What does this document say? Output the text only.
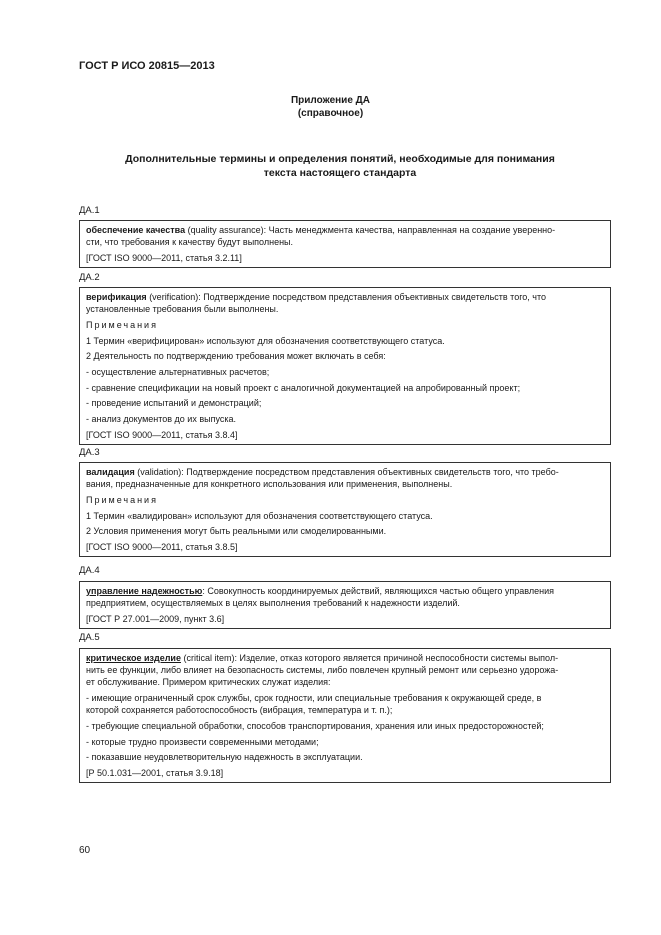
ГОСТ Р ИСО 20815—2013
Приложение ДА
(справочное)
Дополнительные термины и определения понятий, необходимые для понимания
текста настоящего стандарта
ДА.1

обеспечение качества (quality assurance): Часть менеджмента качества, направленная на создание уверенно-

сти, что требования к качеству будут выполнены.

[ГОСТ ISO 9000—2011, статья 3.2.11]

ДА.2

верификация (verification): Подтверждение посредством представления объективных свидетельств того, что

установленные требования были выполнены.

Примечания

1 Термин «верифицирован» используют для обозначения соответствующего статуса.

2 Деятельность по подтверждению требования может включать в себя:

- осуществление альтернативных расчетов;

- сравнение спецификации на новый проект с аналогичной документацией на апробированный проект;

- проведение испытаний и демонстраций;

- анализ документов до их выпуска.

[ГОСТ ISO 9000—2011, статья 3.8.4]

ДА.3

валидация (validation): Подтверждение посредством представления объективных свидетельств того, что требо-

вания, предназначенные для конкретного использования или применения, выполнены.

Примечания

1 Термин «валидирован» используют для обозначения соответствующего статуса.

2 Условия применения могут быть реальными или смоделированными.

[ГОСТ ISO 9000—2011, статья 3.8.5]

ДА.4

управление надежностью: Совокупность координируемых действий, являющихся частью общего управления

предприятием, осуществляемых в целях выполнения требований к надежности изделий.

[ГОСТ Р 27.001—2009, пункт 3.6]

ДА.5

критическое изделие (critical item): Изделие, отказ которого является причиной неспособности системы выпол-

нить ее функции, либо влияет на безопасность системы, либо повлечен крупный ремонт или серьезно удорожа-

ет обслуживание. Примером критических служат изделия:

- имеющие ограниченный срок службы, срок годности, или специальные требования к окружающей среде, в

которой сохраняется работоспособность (вибрация, температура и т. п.);

- требующие специальной обработки, способов транспортирования, хранения или иных предосторожностей;

- которые трудно произвести современными методами;

- показавшие неудовлетворительную надежность в эксплуатации.

[Р 50.1.031—2001, статья 3.9.18]

60
